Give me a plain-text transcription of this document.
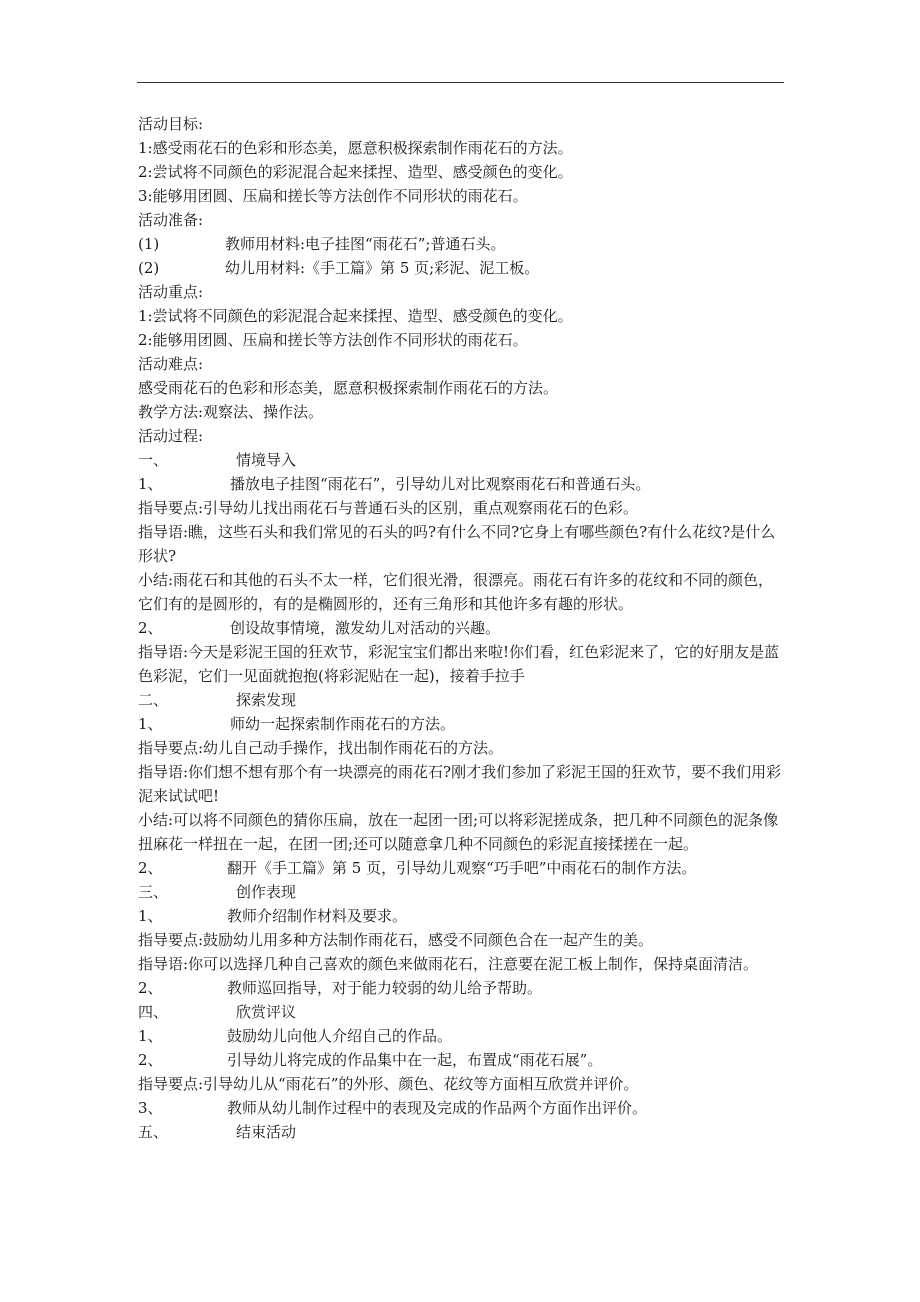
活动目标:
1:感受雨花石的色彩和形态美，愿意积极探索制作雨花石的方法。
2:尝试将不同颜色的彩泥混合起来揉捏、造型、感受颜色的变化。
3:能够用团圆、压扁和搓长等方法创作不同形状的雨花石。
活动准备:
(1)	教师用材料:电子挂图“雨花石”;普通石头。
(2)	幼儿用材料:《手工篇》第 5 页;彩泥、泥工板。
活动重点:
1:尝试将不同颜色的彩泥混合起来揉捏、造型、感受颜色的变化。
2:能够用团圆、压扁和搓长等方法创作不同形状的雨花石。
活动难点:
感受雨花石的色彩和形态美，愿意积极探索制作雨花石的方法。
教学方法:观察法、操作法。
活动过程:
一、	情境导入
1、	播放电子挂图“雨花石”，引导幼儿对比观察雨花石和普通石头。
指导要点:引导幼儿找出雨花石与普通石头的区别，重点观察雨花石的色彩。
指导语:瞧，这些石头和我们常见的石头的吗?有什么不同?它身上有哪些颜色?有什么花纹?是什么形状?
小结:雨花石和其他的石头不太一样，它们很光滑，很漂亮。雨花石有许多的花纹和不同的颜色，它们有的是圆形的，有的是椭圆形的，还有三角形和其他许多有趣的形状。
2、	创设故事情境，激发幼儿对活动的兴趣。
指导语:今天是彩泥王国的狂欢节，彩泥宝宝们都出来啦!你们看，红色彩泥来了，它的好朋友是蓝色彩泥，它们一见面就抱抱(将彩泥贴在一起)，接着手拉手
二、	探索发现
1、	师幼一起探索制作雨花石的方法。
指导要点:幼儿自己动手操作，找出制作雨花石的方法。
指导语:你们想不想有那个有一块漂亮的雨花石?刚才我们参加了彩泥王国的狂欢节，要不我们用彩泥来试试吧!
小结:可以将不同颜色的猜你压扁，放在一起团一团;可以将彩泥搓成条，把几种不同颜色的泥条像扭麻花一样扭在一起，在团一团;还可以随意拿几种不同颜色的彩泥直接揉搓在一起。
2、	翻开《手工篇》第 5 页，引导幼儿观察“巧手吧”中雨花石的制作方法。
三、	创作表现
1、	教师介绍制作材料及要求。
指导要点:鼓励幼儿用多种方法制作雨花石，感受不同颜色合在一起产生的美。
指导语:你可以选择几种自己喜欢的颜色来做雨花石，注意要在泥工板上制作，保持桌面清洁。
2、	教师巡回指导，对于能力较弱的幼儿给予帮助。
四、	欣赏评议
1、	鼓励幼儿向他人介绍自己的作品。
2、	引导幼儿将完成的作品集中在一起，布置成“雨花石展”。
指导要点:引导幼儿从“雨花石”的外形、颜色、花纹等方面相互欣赏并评价。
3、	教师从幼儿制作过程中的表现及完成的作品两个方面作出评价。
五、	结束活动
